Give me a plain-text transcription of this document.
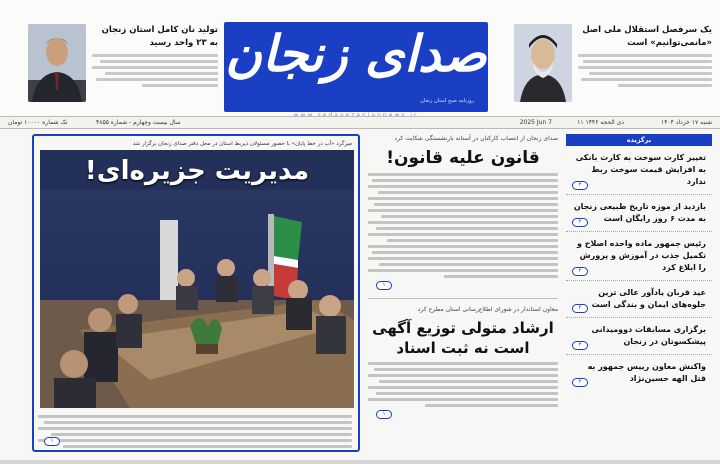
یک سرفصل استقلال ملی اصل «مانمی‌توانیم» است
صدای زنجان
روزنامه صبح استان زنجان
تولید نان کامل استان زنجان به ۲۳ واحد رسید
شنبه ۱۷ خرداد ۱۴۰۴
۱۱ ذی الحجه ۱۴۴۶
2025 Jun 7
سال بیست وچهارم - شماره ۴۸۵۵
تک شماره ۱۰۰۰۰ تومان
برگزیده
تغییر کارت سوخت به کارت بانکی به افزایش قیمت سوخت ربط ندارد
۲
بازدید از موزه تاریخ طبیعی زنجان به مدت ۶ روز رایگان است
۲
رئیس جمهور ماده واحده اصلاح و تکمیل جذب در آموزش و پرورش را ابلاغ کرد
۲
عید قربان یادآور عالی ترین جلوه‌های ایمان و بندگی است
۲
برگزاری مسابقات دوومیدانی پیشکسوتان در زنجان
۲
واکنش معاون رییس جمهور به قتل الهه حسین‌نژاد
۲
صدای زنجان از انتصاب کارکنان در آستانه بازنشستگی شکایت کرد
قانون علیه قانون!
۱
معاون استاندار در شورای اطلاع‌رسانی استان مطرح کرد
ارشاد متولی توزیع آگهی است نه ثبت اسناد
۱
میزگرد «آب در خط پایان» با حضور مسئولان ذیربط استان در محل دفتر صدای زنجان برگزار شد
مدیریت جزیره‌ای!
۱
